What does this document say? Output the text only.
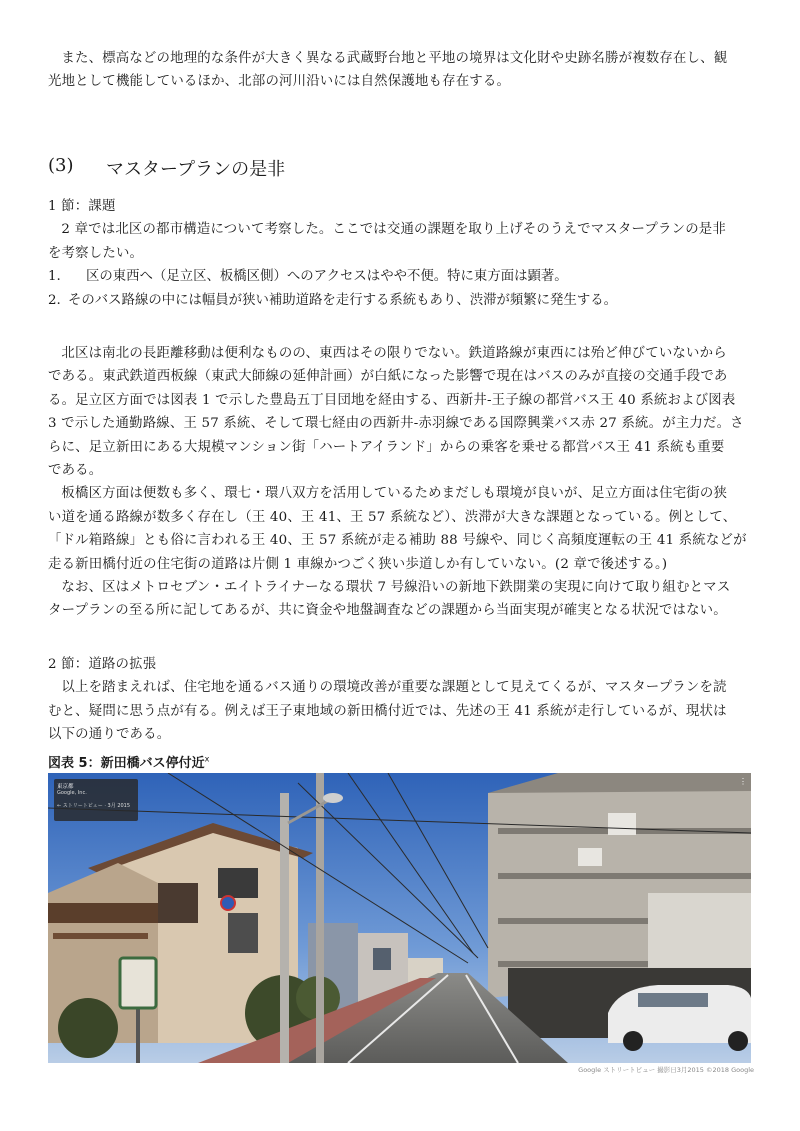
また、標高などの地理的な条件が大きく異なる武蔵野台地と平地の境界は文化財や史跡名勝が複数存在し、観
光地として機能しているほか、北部の河川沿いには自然保護地も存在する。

(3)	マスタープランの是非

1 節：課題

2 章では北区の都市構造について考察した。ここでは交通の課題を取り上げそのうえでマスタープランの是非

を考察したい。

1.	区の東西へ（足立区、板橋区側）へのアクセスはやや不便。特に東方面は顕著。
2. そのバス路線の中には幅員が狭い補助道路を走行する系統もあり、渋滞が頻繁に発生する。

北区は南北の長距離移動は便利なものの、東西はその限りでない。鉄道路線が東西には殆ど伸びていないから

である。東武鉄道西板線（東武大師線の延伸計画）が白紙になった影響で現在はバスのみが直接の交通手段であ

る。足立区方面では図表 1 で示した豊島五丁目団地を経由する、西新井-王子線の都営バス王 40 系統および図表

3 で示した通勤路線、王 57 系統、そして環七経由の西新井-赤羽線である国際興業バス赤 27 系統。が主力だ。さ

らに、足立新田にある大規模マンション街「ハートアイランド」からの乗客を乗せる都営バス王 41 系統も重要

である。

板橋区方面は便数も多く、環七・環八双方を活用しているためまだしも環境が良いが、足立方面は住宅街の狭

い道を通る路線が数多く存在し（王 40、王 41、王 57 系統など）、渋滞が大きな課題となっている。例として、

「ドル箱路線」とも俗に言われる王 40、王 57 系統が走る補助 88 号線や、同じく高頻度運転の王 41 系統などが

走る新田橋付近の住宅街の道路は片側 1 車線かつごく狭い歩道しか有していない。(2 章で後述する。)

なお、区はメトロセブン・エイトライナーなる環状 7 号線沿いの新地下鉄開業の実現に向けて取り組むとマス

タープランの至る所に記してあるが、共に資金や地盤調査などの課題から当面実現が確実となる状況ではない。

2 節：道路の拡張

以上を踏まえれば、住宅地を通るバス通りの環境改善が重要な課題として見えてくるが、マスタープランを読

むと、疑問に思う点が有る。例えば王子東地域の新田橋付近では、先述の王 41 系統が走行しているが、現状は

以下の通りである。

図表 5：新田橋バス停付近$^x$
東京都
Google, Inc.
← ストリートビュー · 3月 2015
⋮
Google ストリートビュー 撮影日3月2015 ©2018 Google
